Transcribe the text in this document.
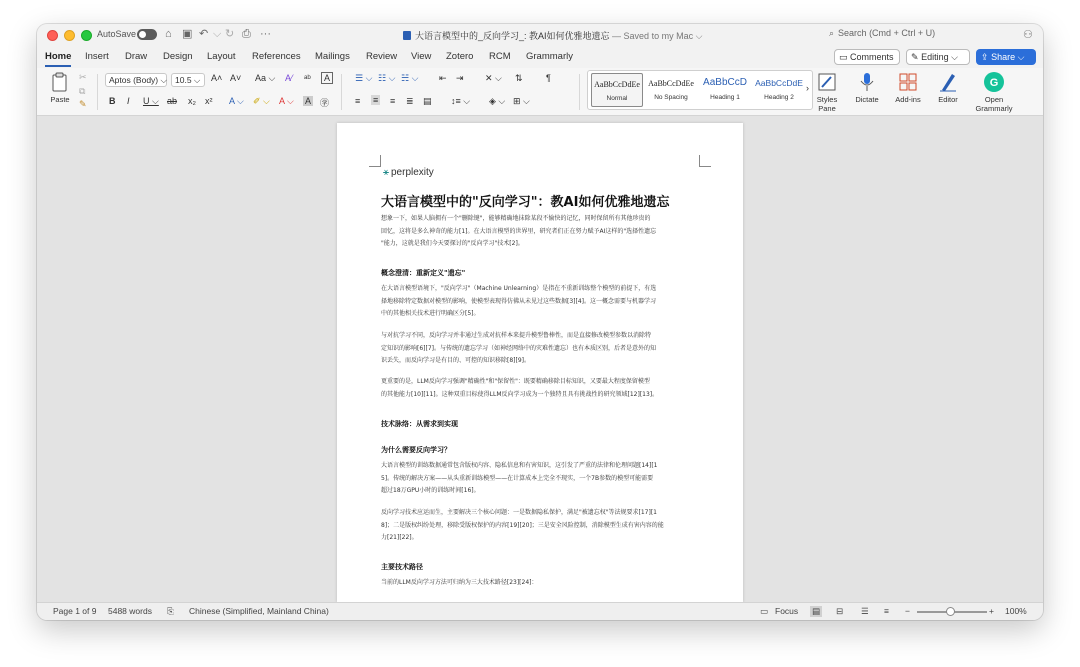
AutoSave	⌂ ▣ ↶ ⌵ ↻ ⎙ ···	大语言模型中的_反向学习_: 教AI如何优雅地遗忘 — Saved to my Mac ⌵	⌕ Search (Cmd + Ctrl + U)	⚇
Home Insert Draw Design Layout References Mailings Review View Zotero RCM Grammarly	▭ Comments	✎ Editing ⌵	⇪ Share ⌵
Paste
✂
⧉
✎
Aptos (Body) ⌵ 10.5 ⌵	A˄ A˅ Aa ⌵ A⁄ ᵃᵇ	A
B I U ⌵ ab x₂ x² A ⌵ ✐ ⌵ A ⌵ A ㊫
☰ ⌵ ☷ ⌵ ☵ ⌵ ⇤ ⇥ ✕ ⌵ ⇅	¶
≡ ≡ ≡ ≣ ▤ ↕≡ ⌵ ◈ ⌵ ⊞ ⌵
AaBbCcDdEe
Normal
AaBbCcDdEe
No Spacing
AaBbCcD
Heading 1
AaBbCcDdE
Heading 2
›
Styles Pane
Dictate	Add-ins	Editor
G
Open Grammarly
⚹ perplexity
大语言模型中的"反向学习"：教AI如何优雅地遗忘
想象一下，如果人脑拥有一个"删除键"，能够精确地抹除某段不愉快的记忆，同时保留所有其他珍贵的
回忆，这将是多么神奇的能力[1]。在大语言模型的世界里，研究者们正在努力赋予AI这样的"选择性遗忘
"能力，这就是我们今天要探讨的"反向学习"技术[2]。
概念澄清：重新定义"遗忘"
在大语言模型语境下，"反向学习"（Machine Unlearning）是指在不重新训练整个模型的前提下，有选
择地移除特定数据对模型的影响，使模型表现得仿佛从未见过这些数据[3][4]。这一概念需要与机器学习
中的其他相关技术进行明确区分[5]。
与对抗学习不同，反向学习并非通过生成对抗样本来提升模型鲁棒性，而是直接修改模型参数以消除特
定知识的影响[6][7]。与传统的遗忘学习（如神经网络中的灾难性遗忘）也有本质区别，后者是意外的知
识丢失，而反向学习是有目的、可控的知识移除[8][9]。
更重要的是，LLM反向学习强调"精确性"和"保留性"：既要精确移除目标知识，又要最大程度保留模型
的其他能力[10][11]。这种双重目标使得LLM反向学习成为一个独特且具有挑战性的研究领域[12][13]。
技术脉络：从需求到实现
为什么需要反向学习？
大语言模型的训练数据通常包含版权内容、隐私信息和有害知识，这引发了严重的法律和伦理问题[14][1
5]。传统的解决方案——从头重新训练模型——在计算成本上完全不现实，一个7B参数的模型可能需要
超过18万GPU小时的训练时间[16]。
反向学习技术应运而生，主要解决三个核心问题：一是数据隐私保护，满足"被遗忘权"等法规要求[17][1
8]；二是版权纠纷处理，移除受版权保护的内容[19][20]；三是安全风险控制，消除模型生成有害内容的能
力[21][22]。
主要技术路径
当前的LLM反向学习方法可归纳为三大技术路径[23][24]：
Page 1 of 9 5488 words ⎘ Chinese (Simplified, Mainland China)	▭ Focus ▤ ⊟ ☰ ≡ −	+ 100%
